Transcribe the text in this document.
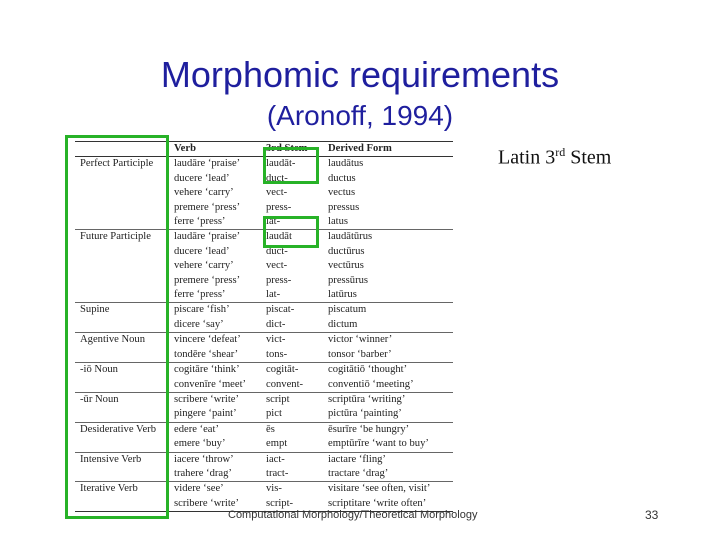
Morphomic requirements
(Aronoff, 1994)
Latin 3rd Stem
	Verb	3rd Stem	Derived Form
Perfect Participle	laudāre ‘praise’	laudāt-	laudātus
	ducere ‘lead’	duct-	ductus
	vehere ‘carry’	vect-	vectus
	premere ‘press’	press-	pressus
	ferre ‘press’	lat-	latus
Future Participle	laudāre ‘praise’	laudāt	laudātūrus
	ducere ‘lead’	duct-	ductūrus
	vehere ‘carry’	vect-	vectūrus
	premere ‘press’	press-	pressūrus
	ferre ‘press’	lat-	latūrus
Supine	piscare ‘fish’	piscat-	piscatum
	dicere ‘say’	dict-	dictum
Agentive Noun	vincere ‘defeat’	vict-	victor ‘winner’
	tondēre ‘shear’	tons-	tonsor ‘barber’
-iō Noun	cogitāre ‘think’	cogitāt-	cogitātiō ‘thought’
	convenīre ‘meet’	convent-	conventiō ‘meeting’
-ūr Noun	scribere ‘write’	script	scriptūra ‘writing’
	pingere ‘paint’	pict	pictūra ‘painting’
Desiderative Verb	edere ‘eat’	ēs	ēsurīre ‘be hungry’
	emere ‘buy’	empt	emptūrīre ‘want to buy’
Intensive Verb	iacere ‘throw’	iact-	iactare ‘fling’
	trahere ‘drag’	tract-	tractare ‘drag’
Iterative Verb	videre ‘see’	vis-	visitare ‘see often, visit’
	scribere ‘write’	script-	scriptitare ‘write often’
Computational Morphology/Theoretical Morphology	33
